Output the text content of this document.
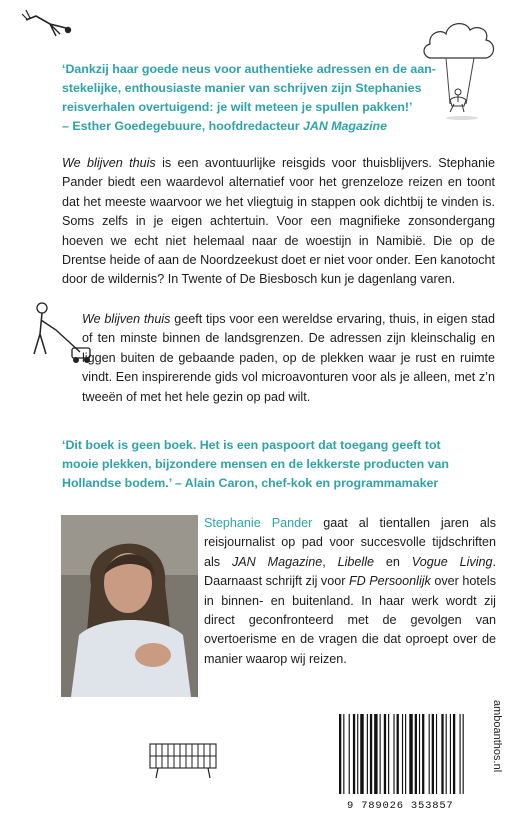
‘Dankzij haar goede neus voor authentieke adressen en de aan-
stekelijke, enthousiaste manier van schrijven zijn Stephanies
reisverhalen overtuigend: je wilt meteen je spullen pakken!’
– Esther Goedegebuure, hoofdredacteur JAN Magazine
We blijven thuis is een avontuurlijke reisgids voor thuisblijvers. Stephanie Pander biedt een waardevol alternatief voor het grenzeloze reizen en toont dat het meeste waarvoor we het vliegtuig in stappen ook dichtbij te vinden is. Soms zelfs in je eigen achtertuin. Voor een magnifieke zonsondergang hoeven we echt niet helemaal naar de woestijn in Namibië. Die op de Drentse heide of aan de Noordzeekust doet er niet voor onder. Een kanotocht door de wildernis? In Twente of De Biesbosch kun je dagenlang varen.
We blijven thuis geeft tips voor een wereldse ervaring, thuis, in eigen stad of ten minste binnen de landsgrenzen. De adressen zijn kleinschalig en liggen buiten de gebaande paden, op de plekken waar je rust en ruimte vindt. Een inspirerende gids vol microavonturen voor als je alleen, met z’n tweeën of met het hele gezin op pad wilt.
‘Dit boek is geen boek. Het is een paspoort dat toegang geeft tot
mooie plekken, bijzondere mensen en de lekkerste producten van
Hollandse bodem.’ – Alain Caron, chef-kok en programmamaker
Stephanie Pander gaat al tientallen jaren als reisjournalist op pad voor succesvolle tijdschriften als JAN Magazine, Libelle en Vogue Living. Daarnaast schrijft zij voor FD Persoonlijk over hotels in binnen- en buitenland. In haar werk wordt zij direct geconfronteerd met de gevolgen van overtoerisme en de vragen die dat oproept over de manier waarop wij reizen.
9 789026 353857
amboanthos.nl
